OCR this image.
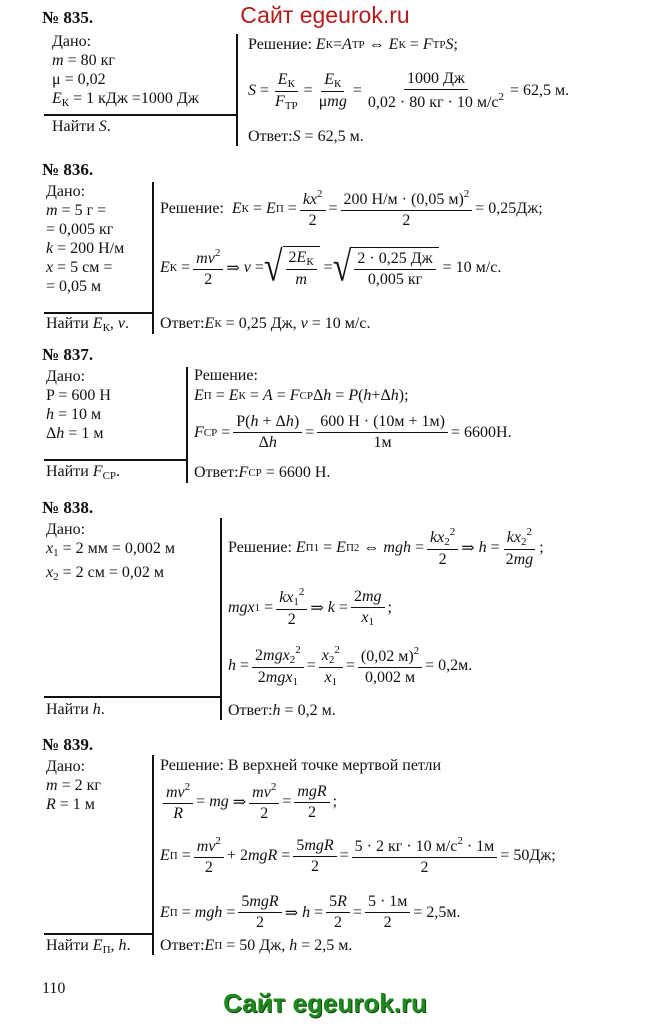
Сайт egeurok.ru
№ 835.
Дано:
m = 80 кг
μ = 0,02
$E_К = 1$ кДж =1000 Дж
Найти S.
Решение:
E К = A ТР ⇔ E К = F ТР S ;
$S = \frac{E_К}{F_{ТР}} = \frac{E_К}{\text{μmg}} = \frac{1000 Дж}{0,02 \cdot 80 кг \cdot 10 м/с^2} = 62,5$ м.
Ответ: S = 62,5 м.
№ 836.
Дано:
m = 5 г =
= 0,005 кг
k = 200 Н/м
x = 5 см =
= 0,05 м
Найти $E_К$, v.
Решение:
E К = E $П = \frac{kx^2}{2} = \frac{200 Н/м \cdot (0,05 м)^2}{2} = 0,25Дж$;
E $К = \frac{mv^2}{2}$ ⇒ v = √ $\frac{2E_К}{m}$ = √ $\frac{2 \cdot 0,25 Дж}{0,005 кг} = 10$ м/с.
Ответ: E К = 0,25 Дж, v = 10 м/с.
№ 837.
Дано:
P = 600 Н
h = 10 м
Δh = 1 м
Найти $F_{СР}$.
Решение:
E П = E К = A = F СР Δ h = P ( h +Δ h );
F СР = $\frac{P(h + \Delta h)}{\Delta h} = \frac{600 Н \cdot (10м + 1м)}{1м} = 6600Н$.
Ответ: F СР = 6600 Н.
№ 838.
Дано:
$x_1 = 2$ мм = 0,002 м
$x_2 = 2$ см = 0,02 м
Найти h.
Решение:
E П1 = E П2 ⇔ mgh = $\frac{kx_2^2}{2}$ ⇒ $h = \frac{kx_2^2}{2mg}$ ;
mgx $1 = \frac{kx_1^2}{2}$ ⇒ $k = \frac{2mg}{x_1}$ ;
$h = \frac{2mgx_2^2}{2mgx_1} = \frac{x_2^2}{x_1} = \frac{(0,02 м)^2}{0,002 м} = 0,2м$.
Ответ: h = 0,2 м.
№ 839.
Дано:
m = 2 кг
R = 1 м
Найти $E_П$, h.
Решение: В верхней точке мертвой петли
$\frac{mv^2}{R}$ = mg ⇒ $\frac{mv^2}{2} = \frac{\text{mgR}}{2}$ ;
E $П = \frac{mv^2}{2} + 2$ mgR = $\frac{\text{5mgR}}{2} = \frac{5 \cdot 2 кг \cdot 10 м/с^2 \cdot 1м}{2} = 50Дж$;
E П = mgh = $\frac{\text{5mgR}}{2}$ ⇒ $h = \frac{5R}{2} = \frac{5 \cdot 1м}{2} = 2,5м$.
Ответ: E П = 50 Дж, h = 2,5 м.
110	Сайт egeurok.ru
